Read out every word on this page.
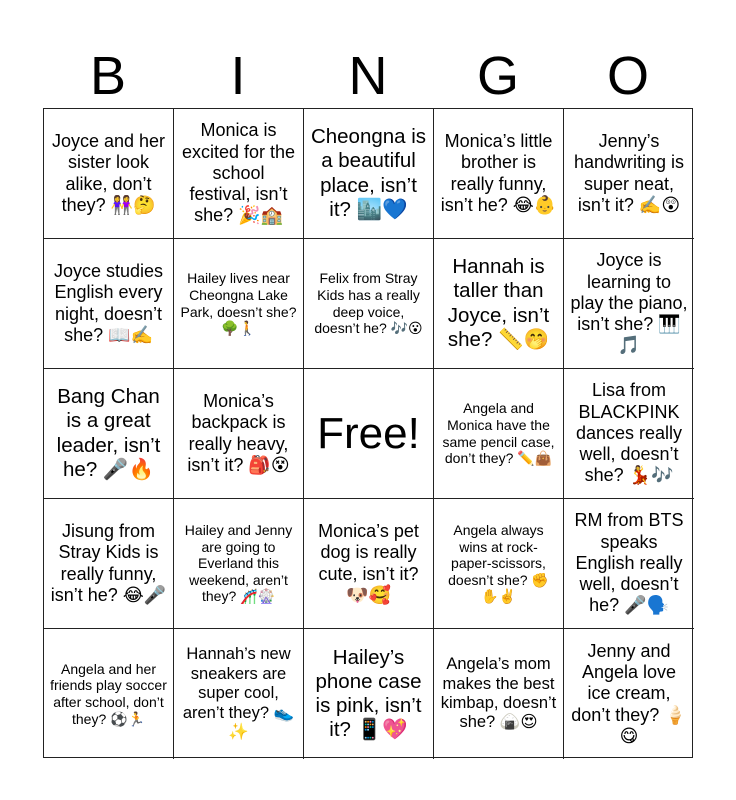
B	I	N	G	O
Joyce and her sister look alike, don’t they? 👭🤔
Monica is excited for the school festival, isn’t she? 🎉🏫
Cheongna is a beautiful place, isn’t it? 🏙️💙
Monica’s little brother is really funny, isn’t he? 😂👶
Jenny’s handwriting is super neat, isn’t it? ✍️😲
Joyce studies English every night, doesn’t she? 📖✍️
Hailey lives near Cheongna Lake Park, doesn’t she? 🌳🚶
Felix from Stray Kids has a really deep voice, doesn’t he? 🎶😮
Hannah is taller than Joyce, isn’t she? 📏🤭
Joyce is learning to play the piano, isn’t she? 🎹🎵
Bang Chan is a great leader, isn’t he? 🎤🔥
Monica’s backpack is really heavy, isn’t it? 🎒😵
Free!
Angela and Monica have the same pencil case, don’t they? ✏️👜
Lisa from BLACKPINK dances really well, doesn’t she? 💃🎶
Jisung from Stray Kids is really funny, isn’t he? 😂🎤
Hailey and Jenny are going to Everland this weekend, aren’t they? 🎢🎡
Monica’s pet dog is really cute, isn’t it? 🐶🥰
Angela always wins at rock-paper-scissors, doesn’t she? ✊✋✌️
RM from BTS speaks English really well, doesn’t he? 🎤🗣️
Angela and her friends play soccer after school, don’t they? ⚽🏃
Hannah’s new sneakers are super cool, aren’t they? 👟✨
Hailey’s phone case is pink, isn’t it? 📱💖
Angela’s mom makes the best kimbap, doesn’t she? 🍙😍
Jenny and Angela love ice cream, don’t they? 🍦😋
